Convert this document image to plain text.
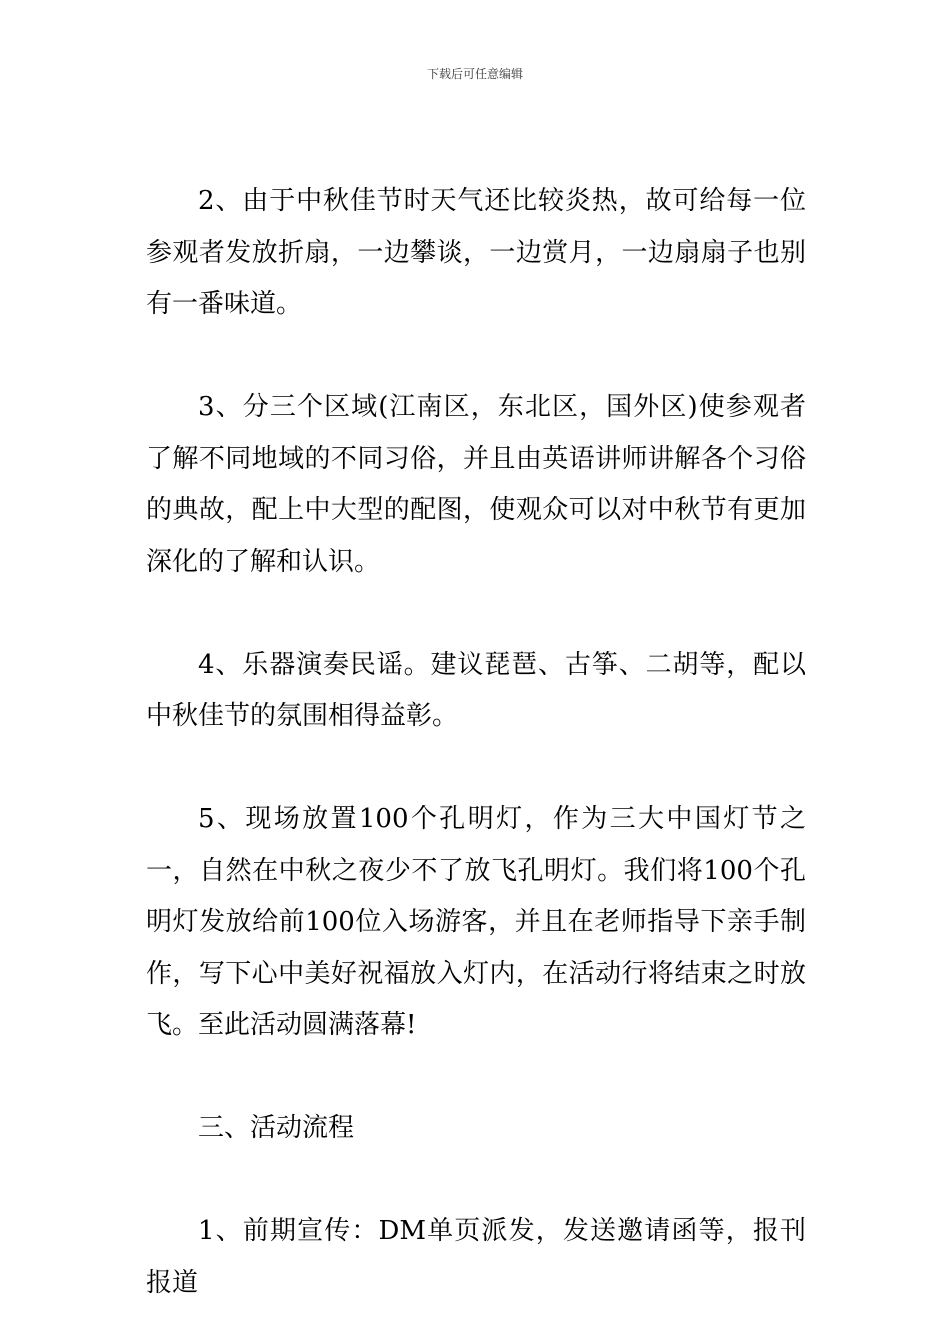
下载后可任意编辑

2、由于中秋佳节时天气还比较炎热，故可给每一位参观者发放折扇，一边攀谈，一边赏月，一边扇扇子也别有一番味道。

3、分三个区域(江南区，东北区，国外区)使参观者了解不同地域的不同习俗，并且由英语讲师讲解各个习俗的典故，配上中大型的配图，使观众可以对中秋节有更加深化的了解和认识。

4、乐器演奏民谣。建议琵琶、古筝、二胡等，配以中秋佳节的氛围相得益彰。

5、现场放置100个孔明灯，作为三大中国灯节之一，自然在中秋之夜少不了放飞孔明灯。我们将100个孔明灯发放给前100位入场游客，并且在老师指导下亲手制作，写下心中美好祝福放入灯内，在活动行将结束之时放飞。至此活动圆满落幕!

三、活动流程

1、前期宣传：DM单页派发，发送邀请函等，报刊报道
